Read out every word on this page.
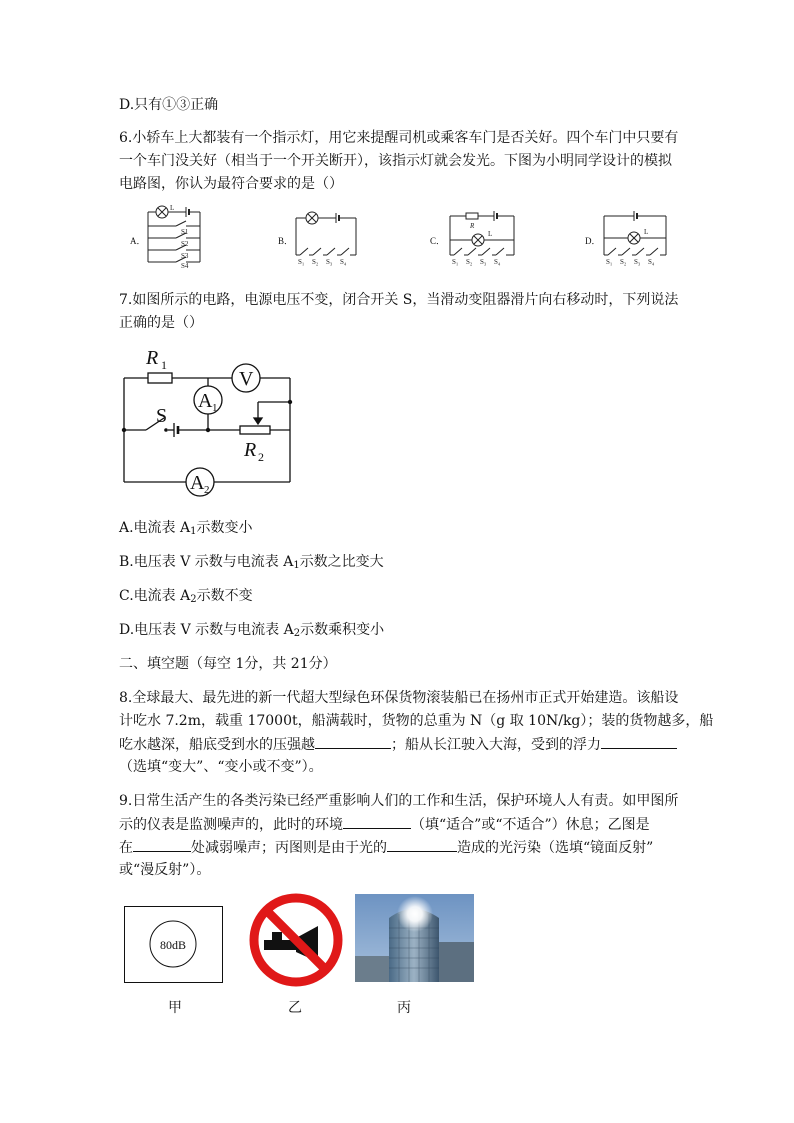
D.只有①③正确
6.小轿车上大都装有一个指示灯，用它来提醒司机或乘客车门是否关好。四个车门中只要有
一个车门没关好（相当于一个开关断开），该指示灯就会发光。下图为小明同学设计的模拟
电路图，你认为最符合要求的是（）
A．
L
S1
S2
S3
S4
B．
S₁ S₂ S₃ S₄
C．
R
L
S₁ S₂ S₃ S₄
D．
L
S₁ S₂ S₃ S₄
7.如图所示的电路，电源电压不变，闭合开关 S，当滑动变阻器滑片向右移动时，下列说法
正确的是（）
R 1
V
A 1
S
R 2
A 2
A.电流表 $A_1$示数变小
B.电压表 V 示数与电流表 $A_1$示数之比变大
C.电流表 $A_2$示数不变
D.电压表 V 示数与电流表 $A_2$示数乘积变小
二、填空题（每空 1分，共 21分）
8.全球最大、最先进的新一代超大型绿色环保货物滚装船已在扬州市正式开始建造。该船设
计吃水 7.2m，载重 17000t，船满载时，货物的总重为 N（g 取 10N/kg）；装的货物越多，船
吃水越深，船底受到水的压强越	；船从长江驶入大海，受到的浮力
（选填“变大”、“变小或不变”）。
9.日常生活产生的各类污染已经严重影响人们的工作和生活，保护环境人人有责。如甲图所
示的仪表是监测噪声的，此时的环境	（填“适合”或“不适合”）休息；乙图是
在	处减弱噪声；丙图则是由于光的	造成的光污染（选填“镜面反射”
或“漫反射”）。
80dB
甲	乙	丙
